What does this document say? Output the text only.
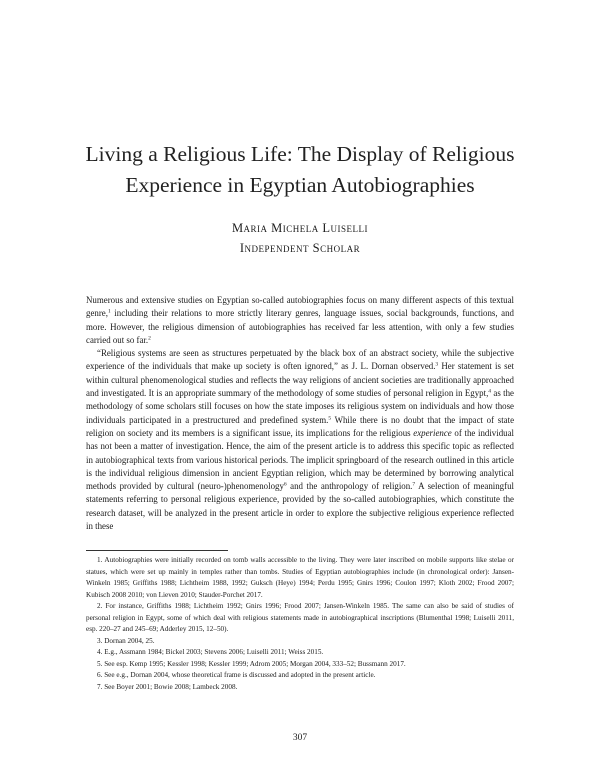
Living a Religious Life: The Display of Religious
Experience in Egyptian Autobiographies
Maria Michela Luiselli
Independent Scholar

Numerous and extensive studies on Egyptian so-called autobiographies focus on many different aspects of this textual genre,$^1$ including their relations to more strictly literary genres, language issues, social backgrounds, functions, and more. However, the religious dimension of autobiographies has received far less attention, with only a few studies carried out so far.$^2$

“Religious systems are seen as structures perpetuated by the black box of an abstract society, while the subjective experience of the individuals that make up society is often ignored,” as J. L. Dornan observed.$^3$ Her statement is set within cultural phenomenological studies and reflects the way religions of ancient societies are traditionally approached and investigated. It is an appropriate summary of the methodology of some studies of personal religion in Egypt,$^4$ as the methodology of some scholars still focuses on how the state imposes its religious system on individuals and how those individuals participated in a prestructured and predefined system.$^5$ While there is no doubt that the impact of state religion on society and its members is a significant issue, its implications for the religious experience of the individual has not been a matter of investigation. Hence, the aim of the present article is to address this specific topic as reflected in autobiographical texts from various historical periods. The implicit springboard of the research outlined in this article is the individual religious dimension in ancient Egyptian religion, which may be determined by borrowing analytical methods provided by cultural (neuro-)phenomenology$^6$ and the anthropology of religion.$^7$ A selection of meaningful statements referring to personal religious experience, provided by the so-called autobiographies, which constitute the research dataset, will be analyzed in the present article in order to explore the subjective religious experience reflected in these

1. Autobiographies were initially recorded on tomb walls accessible to the living. They were later inscribed on mobile supports like stelae or statues, which were set up mainly in temples rather than tombs. Studies of Egyptian autobiographies include (in chronological order): Jansen-Winkeln 1985; Griffiths 1988; Lichtheim 1988, 1992; Guksch (Heye) 1994; Perdu 1995; Gnirs 1996; Coulon 1997; Kloth 2002; Frood 2007; Kubisch 2008 2010; von Lieven 2010; Stauder-Porchet 2017.

2. For instance, Griffiths 1988; Lichtheim 1992; Gnirs 1996; Frood 2007; Jansen-Winkeln 1985. The same can also be said of studies of personal religion in Egypt, some of which deal with religious statements made in autobiographical inscriptions (Blumenthal 1998; Luiselli 2011, esp. 220–27 and 245–69; Adderley 2015, 12–50).

3. Dornan 2004, 25.

4. E.g., Assmann 1984; Bickel 2003; Stevens 2006; Luiselli 2011; Weiss 2015.

5. See esp. Kemp 1995; Kessler 1998; Kessler 1999; Adrom 2005; Morgan 2004, 333–52; Bussmann 2017.

6. See e.g., Dornan 2004, whose theoretical frame is discussed and adopted in the present article.

7. See Boyer 2001; Bowie 2008; Lambeck 2008.

307
